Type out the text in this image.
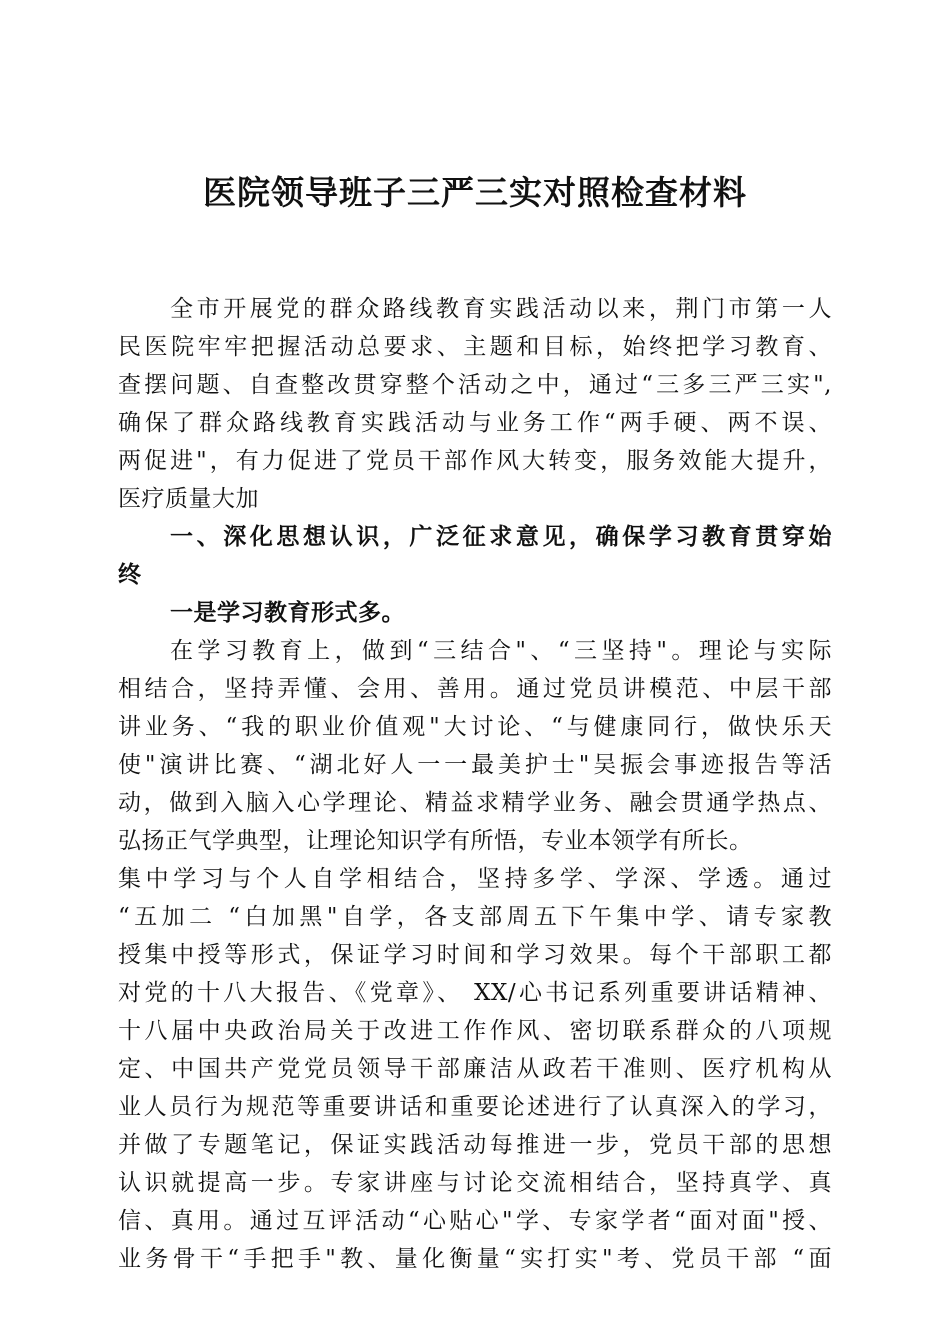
医院领导班子三严三实对照检查材料
全市开展党的群众路线教育实践活动以来，荆门市第一人
民医院牢牢把握活动总要求、主题和目标，始终把学习教育、
查摆问题、自查整改贯穿整个活动之中，通过“三多三严三实",
确保了群众路线教育实践活动与业务工作“两手硬、两不误、
两促进"，有力促进了党员干部作风大转变，服务效能大提升，
医疗质量大加
一、深化思想认识，广泛征求意见，确保学习教育贯穿始
终
一是学习教育形式多。
在学习教育上，做到“三结合"、“三坚持"。理论与实际
相结合，坚持弄懂、会用、善用。通过党员讲模范、中层干部
讲业务、“我的职业价值观"大讨论、“与健康同行，做快乐天
使"演讲比赛、“湖北好人一一最美护士"吴振会事迹报告等活
动，做到入脑入心学理论、精益求精学业务、融会贯通学热点、
弘扬正气学典型，让理论知识学有所悟，专业本领学有所长。
集中学习与个人自学相结合，坚持多学、学深、学透。通过
“五加二 “白加黑"自学，各支部周五下午集中学、请专家教
授集中授等形式，保证学习时间和学习效果。每个干部职工都
对党的十八大报告、《党章》、 XX/心书记系列重要讲话精神、
十八届中央政治局关于改进工作作风、密切联系群众的八项规
定、中国共产党党员领导干部廉洁从政若干准则、医疗机构从
业人员行为规范等重要讲话和重要论述进行了认真深入的学习，
并做了专题笔记，保证实践活动每推进一步，党员干部的思想
认识就提高一步。专家讲座与讨论交流相结合，坚持真学、真
信、真用。通过互评活动“心贴心"学、专家学者“面对面"授、
业务骨干“手把手"教、量化衡量“实打实"考、党员干部 “面
